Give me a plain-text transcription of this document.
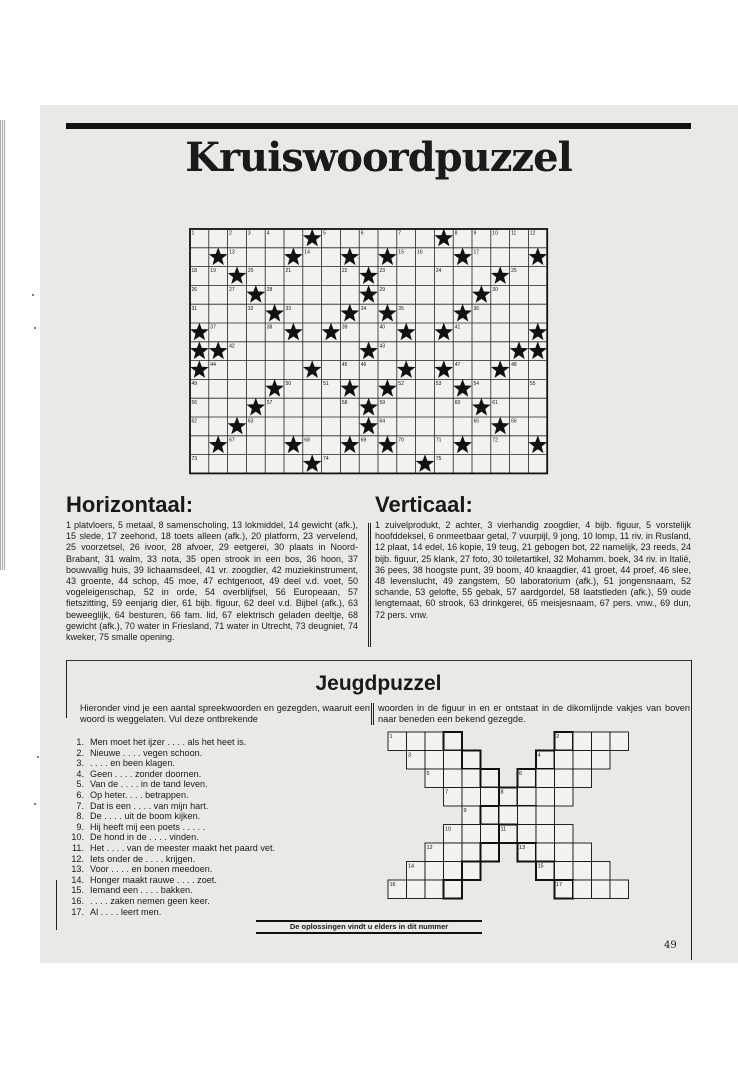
Kruiswoordpuzzel
1	2	3	4	5	6	7	8	9	10	11	12
13	14	15	16	17
18	19	20	21	22	23	24	25
26	27	28	29	30
31	32	33	34	35	36
37	38	39	40	41
42	43
44	45	46	47	48
49	50	51	52	53	54	55
56	57	58	59	60	61
62	63	64	65	66
67	68	69	70	71	72
73	74	75
Horizontaal:

1 platvloers, 5 metaal, 8 samenscholing, 13 lokmiddel, 14 gewicht (afk.), 15 slede, 17 zeehond, 18 toets alleen (afk.), 20 platform, 23 vervelend, 25 voorzetsel, 26 ivoor, 28 afvoer, 29 eetgerei, 30 plaats in Noord-Brabant, 31 walm, 33 nota, 35 open strook in een bos, 36 hoon, 37 bouwvallig huis, 39 lichaamsdeel, 41 vr. zoogdier, 42 muziekinstrument, 43 groente, 44 schop, 45 moe, 47 echtgenoot, 49 deel v.d. voet, 50 vogeleigenschap, 52 in orde, 54 overblijfsel, 56 Europeaan, 57 fietszitting, 59 eenjarig dier, 61 bijb. figuur, 62 deel v.d. Bijbel (afk.), 63 beweeglijk, 64 besturen, 66 fam. lid, 67 elektrisch geladen deeltje, 68 gewicht (afk.), 70 water in Friesland, 71 water in Utrecht, 73 deugniet, 74 kweker, 75 smalle opening.

Verticaal:

1 zuivelprodukt, 2 achter, 3 vierhandig zoogdier, 4 bijb. figuur, 5 vorstelijk hoofddeksel, 6 onmeetbaar getal, 7 vuurpijl, 9 jong, 10 lomp, 11 riv. in Rusland, 12 plaat, 14 edel, 16 kopie, 19 teug, 21 gebogen bot, 22 namelijk, 23 reeds, 24 bijb. figuur, 25 klank, 27 foto, 30 toiletartikel, 32 Mohamm. boek, 34 riv. in Italië, 36 pees, 38 hoogste punt, 39 boom, 40 knaagdier, 41 groet, 44 proef, 46 slee, 48 levenslucht, 49 zangstem, 50 laboratorium (afk.), 51 jongensnaam, 52 schande, 53 gelofte, 55 gebak, 57 aardgordel, 58 laatstleden (afk.), 59 oude lengtemaat, 60 strook, 63 drinkgerei, 65 meisjesnaam, 67 pers. vnw., 69 dun, 72 pers. vnw.

Jeugdpuzzel

Hieronder vind je een aantal spreekwoorden en gezegden, waaruit een woord is weggelaten. Vul deze ontbrekende

woorden in de figuur in en er ontstaat in de dikomlijnde vakjes van boven naar beneden een bekend gezegde.

1. Men moet het ijzer . . . . als het heet is.
2. Nieuwe . . . . vegen schoon.
3. . . . . en been klagen.
4. Geen . . . . zonder doornen.
5. Van de . . . . in de tand leven.
6. Op heter. . . . betrappen.
7. Dat is een . . . . van mijn hart.
8. De . . . . uit de boom kijken.
9. Hij heeft mij een poets . . . . .
10. De hond in de . . . . vinden.
11. Het . . . . van de meester maakt het paard vet.
12. Iets onder de . . . . krijgen.
13. Voor . . . . en bonen meedoen.
14. Honger maakt rauwe . . . . zoet.
15. Iemand een . . . . bakken.
16. . . . . zaken nemen geen keer.
17. Al . . . . leert men.
1	2
3	4
5	6
7	8
9
10	11
12	13
14	15
16	17
De oplossingen vindt u elders in dit nummer
49
